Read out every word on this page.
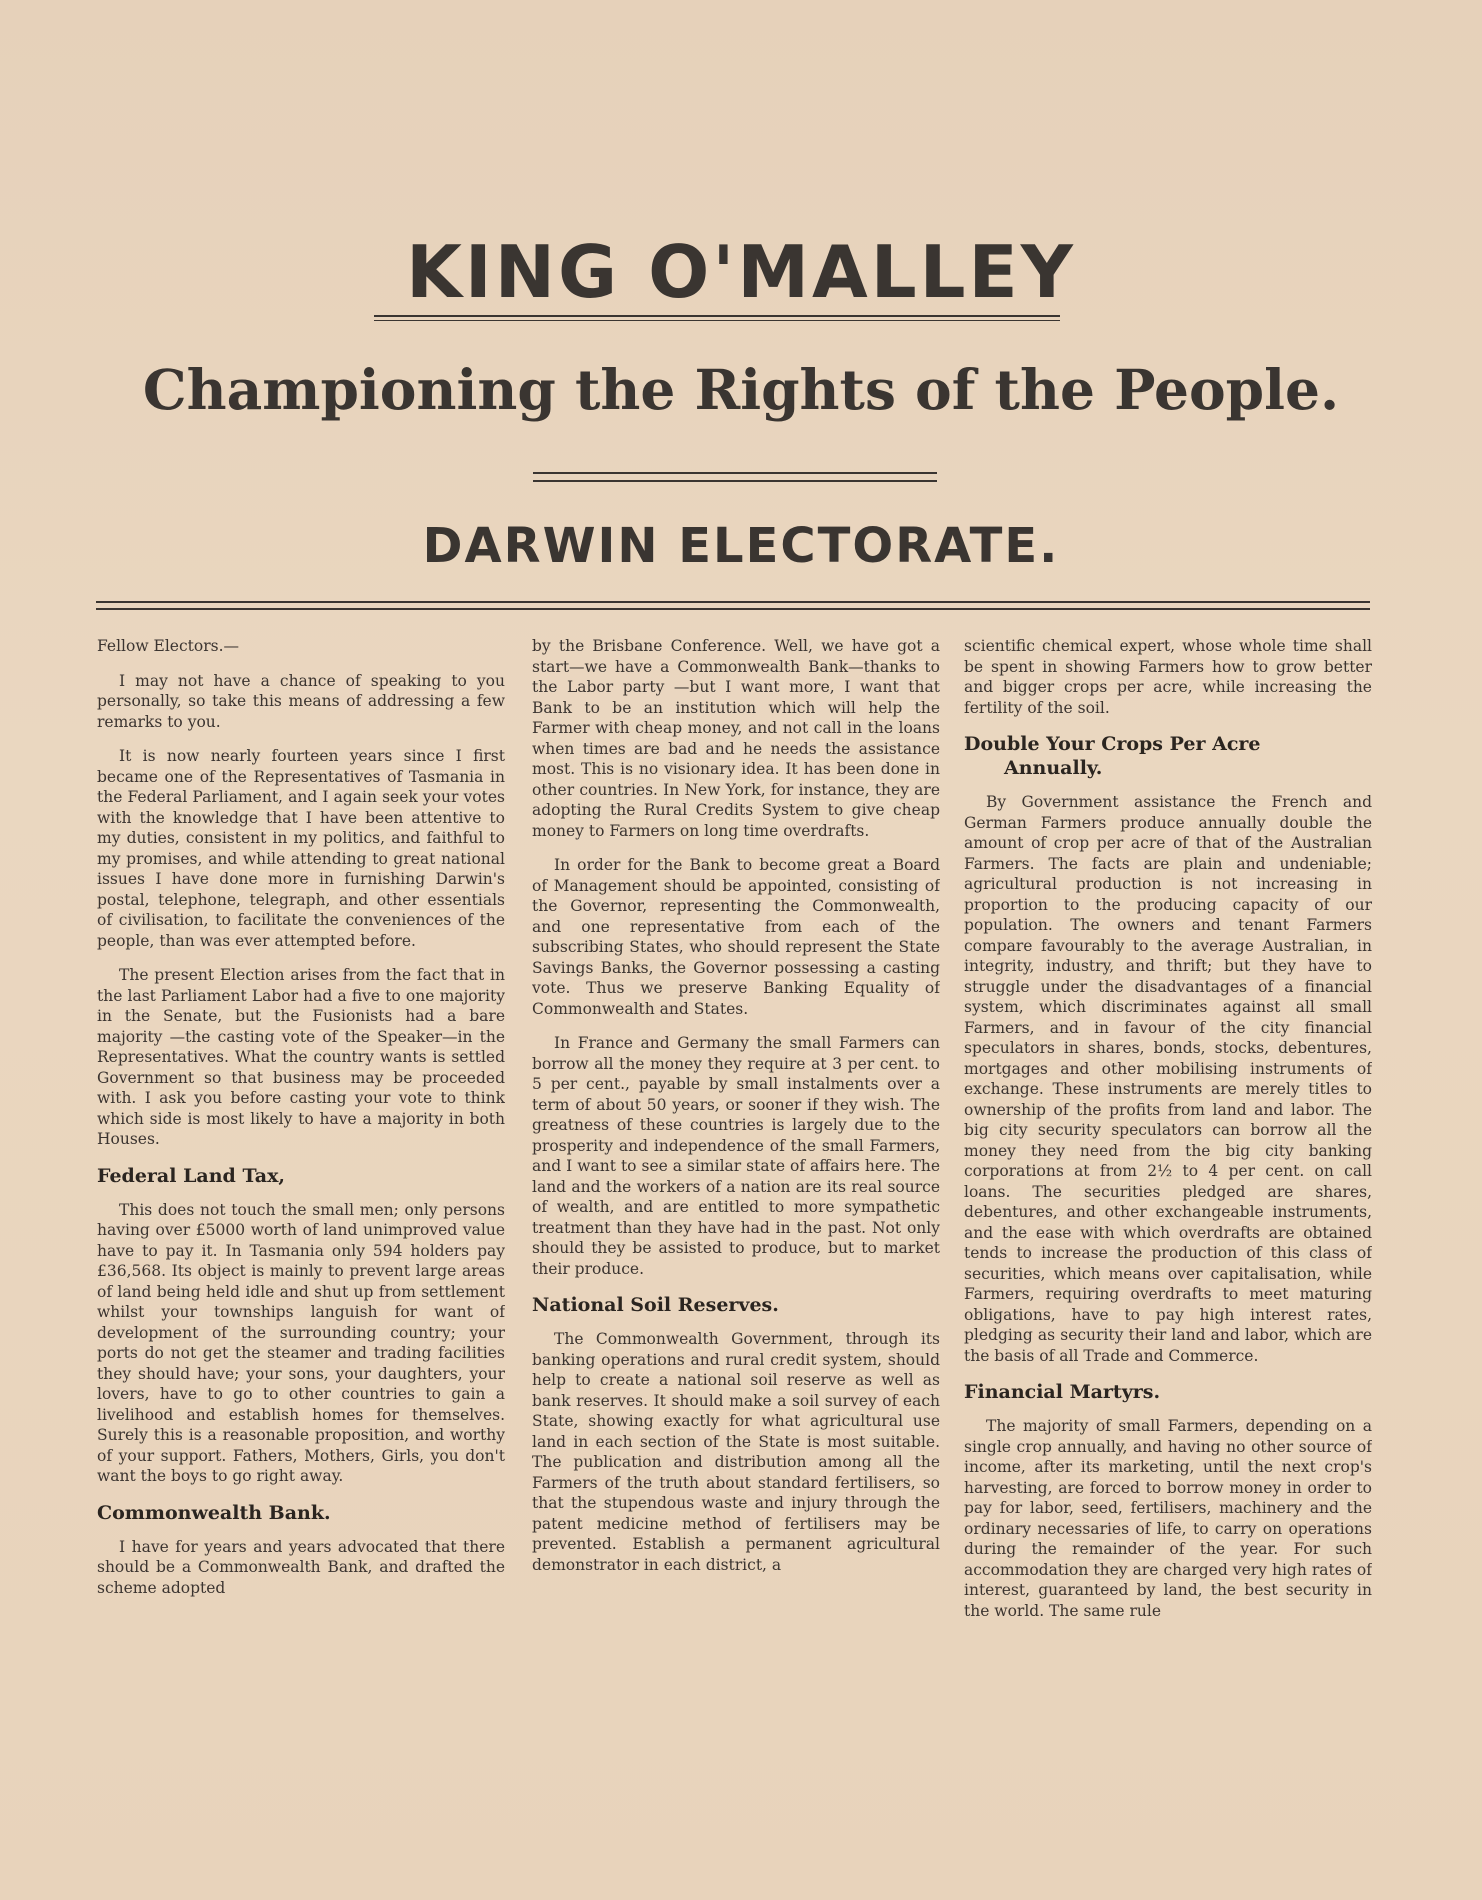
KING O'MALLEY
Championing the Rights of the People.
DARWIN ELECTORATE.

Fellow Electors.—

I may not have a chance of speaking to you personally, so take this means of addressing a few remarks to you.

It is now nearly fourteen years since I first became one of the Representatives of Tasmania in the Federal Parliament, and I again seek your votes with the knowledge that I have been attentive to my duties, consistent in my politics, and faithful to my promises, and while attending to great national issues I have done more in furnishing Darwin's postal, telephone, telegraph, and other essentials of civilisation, to facilitate the conveniences of the people, than was ever attempted before.

The present Election arises from the fact that in the last Parliament Labor had a five to one majority in the Senate, but the Fusionists had a bare majority —the casting vote of the Speaker—in the Representatives. What the country wants is settled Government so that business may be proceeded with. I ask you before casting your vote to think which side is most likely to have a majority in both Houses.

Federal Land Tax,

This does not touch the small men; only persons having over £5000 worth of land unimproved value have to pay it. In Tasmania only 594 holders pay £36,568. Its object is mainly to prevent large areas of land being held idle and shut up from settlement whilst your townships languish for want of development of the surrounding country; your ports do not get the steamer and trading facilities they should have; your sons, your daughters, your lovers, have to go to other countries to gain a livelihood and establish homes for themselves. Surely this is a reasonable proposition, and worthy of your support. Fathers, Mothers, Girls, you don't want the boys to go right away.

Commonwealth Bank.

I have for years and years advocated that there should be a Commonwealth Bank, and drafted the scheme adopted

by the Brisbane Conference. Well, we have got a start—we have a Commonwealth Bank—thanks to the Labor party —but I want more, I want that Bank to be an institution which will help the Farmer with cheap money, and not call in the loans when times are bad and he needs the assistance most. This is no visionary idea. It has been done in other countries. In New York, for instance, they are adopting the Rural Credits System to give cheap money to Farmers on long time overdrafts.

In order for the Bank to become great a Board of Management should be appointed, consisting of the Governor, representing the Commonwealth, and one representative from each of the subscribing States, who should represent the State Savings Banks, the Governor possessing a casting vote. Thus we preserve Banking Equality of Commonwealth and States.

In France and Germany the small Farmers can borrow all the money they require at 3 per cent. to 5 per cent., payable by small instalments over a term of about 50 years, or sooner if they wish. The greatness of these countries is largely due to the prosperity and independence of the small Farmers, and I want to see a similar state of affairs here. The land and the workers of a nation are its real source of wealth, and are entitled to more sympathetic treatment than they have had in the past. Not only should they be assisted to produce, but to market their produce.

National Soil Reserves.

The Commonwealth Government, through its banking operations and rural credit system, should help to create a national soil reserve as well as bank reserves. It should make a soil survey of each State, showing exactly for what agricultural use land in each section of the State is most suitable. The publication and distribution among all the Farmers of the truth about standard fertilisers, so that the stupendous waste and injury through the patent medicine method of fertilisers may be prevented. Establish a permanent agricultural demonstrator in each district, a

scientific chemical expert, whose whole time shall be spent in showing Farmers how to grow better and bigger crops per acre, while increasing the fertility of the soil.

Double Your Crops Per Acre
Annually.

By Government assistance the French and German Farmers produce annually double the amount of crop per acre of that of the Australian Farmers. The facts are plain and undeniable; agricultural production is not increasing in proportion to the producing capacity of our population. The owners and tenant Farmers compare favourably to the average Australian, in integrity, industry, and thrift; but they have to struggle under the disadvantages of a financial system, which discriminates against all small Farmers, and in favour of the city financial speculators in shares, bonds, stocks, debentures, mortgages and other mobilising instruments of exchange. These instruments are merely titles to ownership of the profits from land and labor. The big city security speculators can borrow all the money they need from the big city banking corporations at from 2½ to 4 per cent. on call loans. The securities pledged are shares, debentures, and other exchangeable instruments, and the ease with which overdrafts are obtained tends to increase the production of this class of securities, which means over capitalisation, while Farmers, requiring overdrafts to meet maturing obligations, have to pay high interest rates, pledging as security their land and labor, which are the basis of all Trade and Commerce.

Financial Martyrs.

The majority of small Farmers, depending on a single crop annually, and having no other source of income, after its marketing, until the next crop's harvesting, are forced to borrow money in order to pay for labor, seed, fertilisers, machinery and the ordinary necessaries of life, to carry on operations during the remainder of the year. For such accommodation they are charged very high rates of interest, guaranteed by land, the best security in the world. The same rule
